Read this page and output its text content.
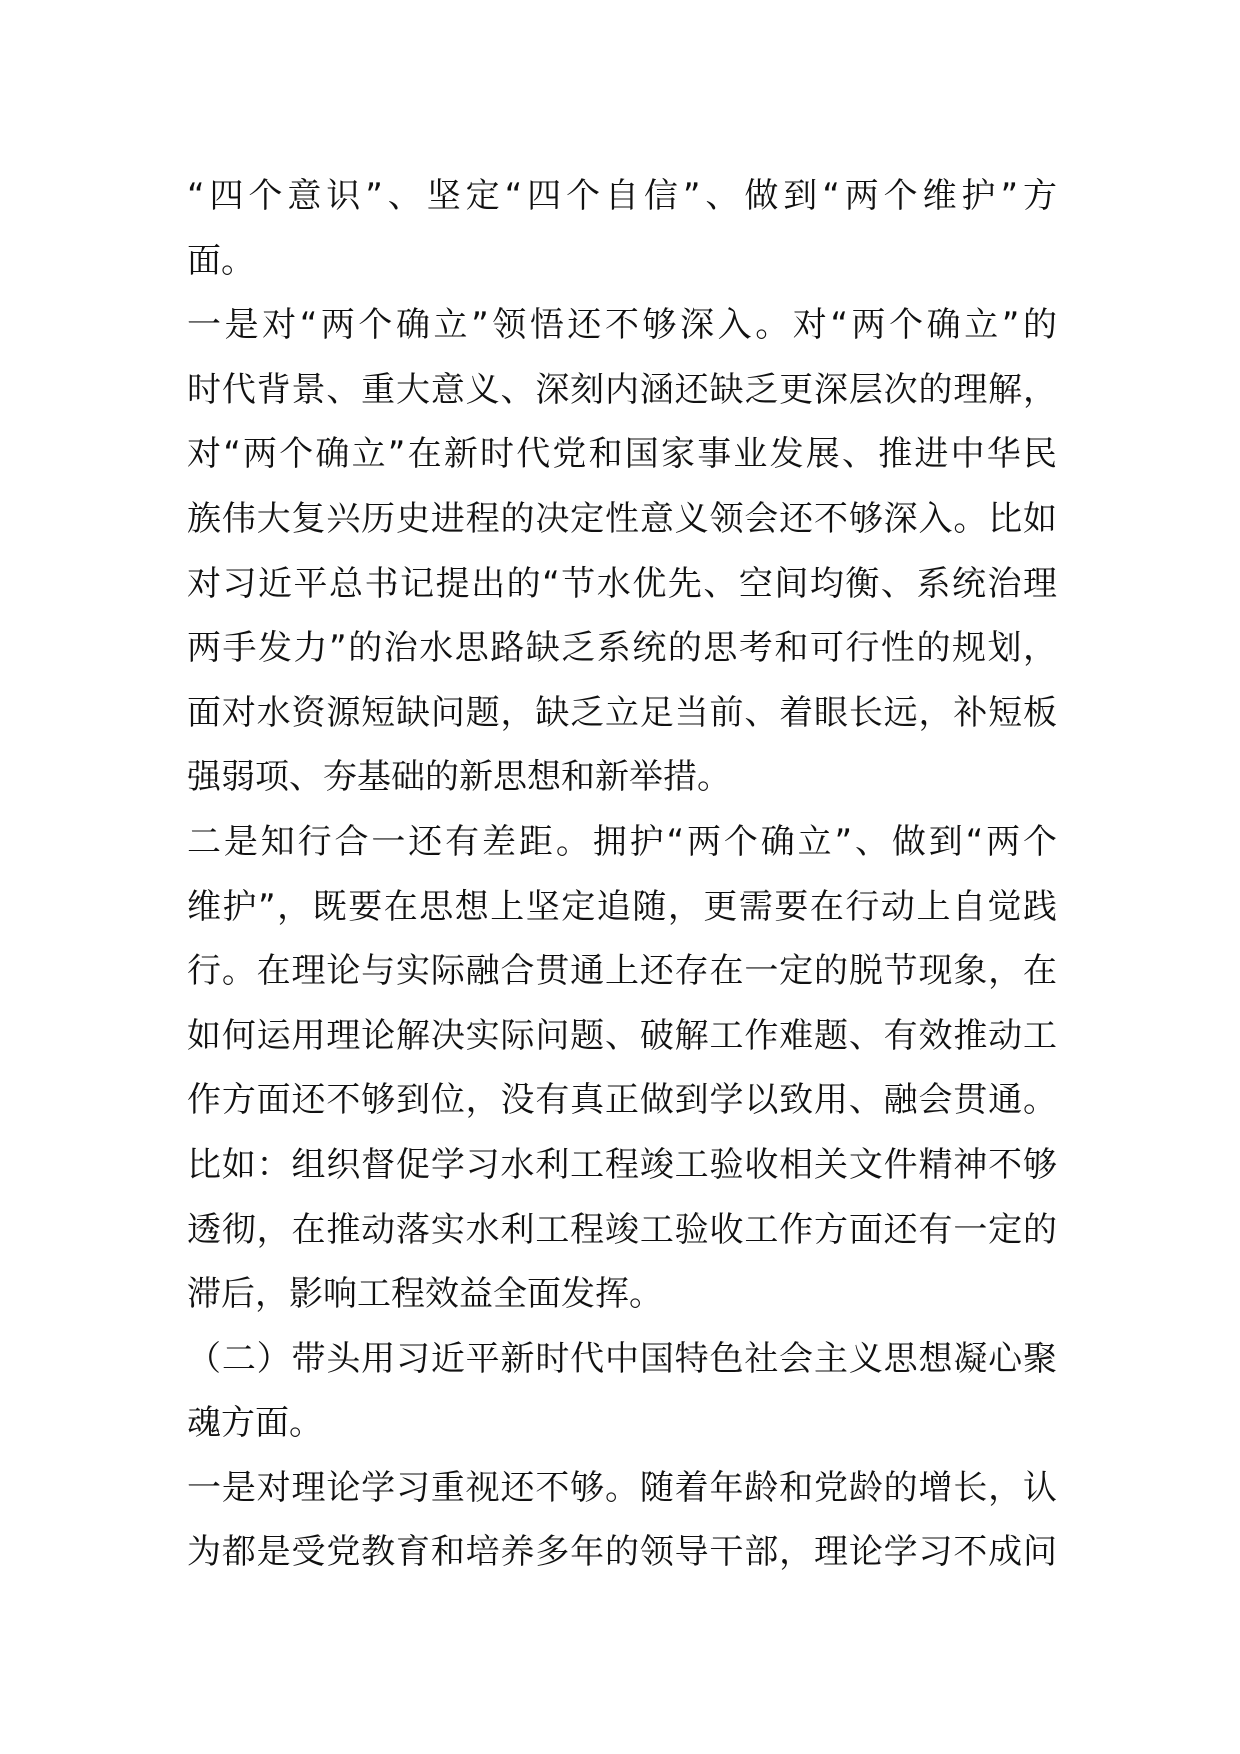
“四个意识”、坚定“四个自信”、做到“两个维护”方
面。
一是对“两个确立”领悟还不够深入。对“两个确立”的
时代背景、重大意义、深刻内涵还缺乏更深层次的理解，
对“两个确立”在新时代党和国家事业发展、推进中华民
族伟大复兴历史进程的决定性意义领会还不够深入。比如
对习近平总书记提出的“节水优先、空间均衡、系统治理
两手发力”的治水思路缺乏系统的思考和可行性的规划，
面对水资源短缺问题，缺乏立足当前、着眼长远，补短板
强弱项、夯基础的新思想和新举措。
二是知行合一还有差距。拥护“两个确立”、做到“两个
维护”，既要在思想上坚定追随，更需要在行动上自觉践
行。在理论与实际融合贯通上还存在一定的脱节现象，在
如何运用理论解决实际问题、破解工作难题、有效推动工
作方面还不够到位，没有真正做到学以致用、融会贯通。
比如：组织督促学习水利工程竣工验收相关文件精神不够
透彻，在推动落实水利工程竣工验收工作方面还有一定的
滞后，影响工程效益全面发挥。
（二）带头用习近平新时代中国特色社会主义思想凝心聚
魂方面。
一是对理论学习重视还不够。随着年龄和党龄的增长，认
为都是受党教育和培养多年的领导干部，理论学习不成问
